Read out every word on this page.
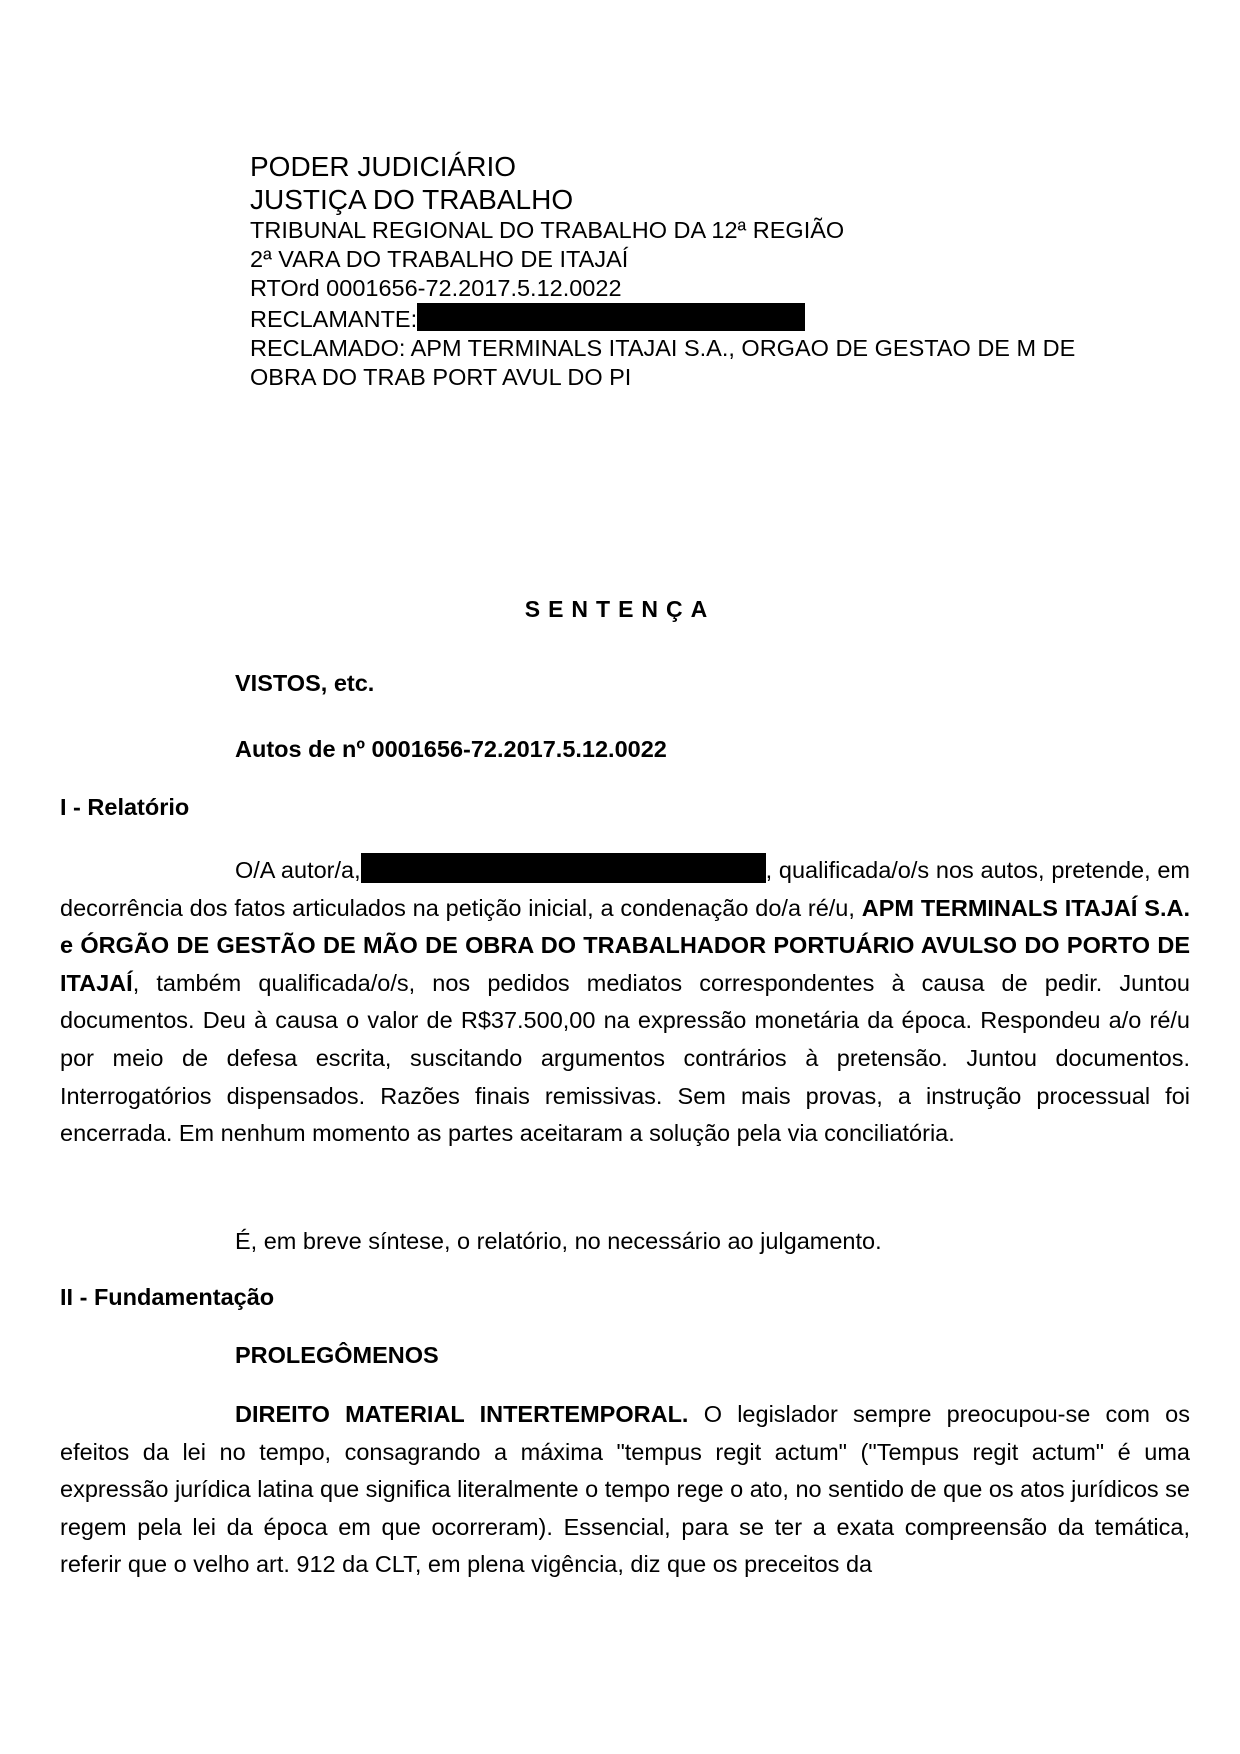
PODER JUDICIÁRIO
JUSTIÇA DO TRABALHO
TRIBUNAL REGIONAL DO TRABALHO DA 12ª REGIÃO
2ª VARA DO TRABALHO DE ITAJAÍ
RTOrd 0001656-72.2017.5.12.0022
RECLAMANTE:
RECLAMADO: APM TERMINALS ITAJAI S.A., ORGAO DE GESTAO DE M DE
OBRA DO TRAB PORT AVUL DO PI
SENTENÇA
VISTOS, etc.
Autos de nº 0001656-72.2017.5.12.0022
I - Relatório

O/A autor/a,	, qualificada/o/s nos autos, pretende, em decorrência dos fatos articulados na petição inicial, a condenação do/a ré/u, APM TERMINALS ITAJAÍ S.A. e ÓRGÃO DE GESTÃO DE MÃO DE OBRA DO TRABALHADOR PORTUÁRIO AVULSO DO PORTO DE ITAJAÍ, também qualificada/o/s, nos pedidos mediatos correspondentes à causa de pedir. Juntou documentos. Deu à causa o valor de R$37.500,00 na expressão monetária da época. Respondeu a/o ré/u por meio de defesa escrita, suscitando argumentos contrários à pretensão. Juntou documentos. Interrogatórios dispensados. Razões finais remissivas. Sem mais provas, a instrução processual foi encerrada. Em nenhum momento as partes aceitaram a solução pela via conciliatória.

É, em breve síntese, o relatório, no necessário ao julgamento.

II - Fundamentação
PROLEGÔMENOS

DIREITO MATERIAL INTERTEMPORAL. O legislador sempre preocupou-se com os efeitos da lei no tempo, consagrando a máxima "tempus regit actum" ("Tempus regit actum" é uma expressão jurídica latina que significa literalmente o tempo rege o ato, no sentido de que os atos jurídicos se regem pela lei da época em que ocorreram). Essencial, para se ter a exata compreensão da temática, referir que o velho art. 912 da CLT, em plena vigência, diz que os preceitos da
